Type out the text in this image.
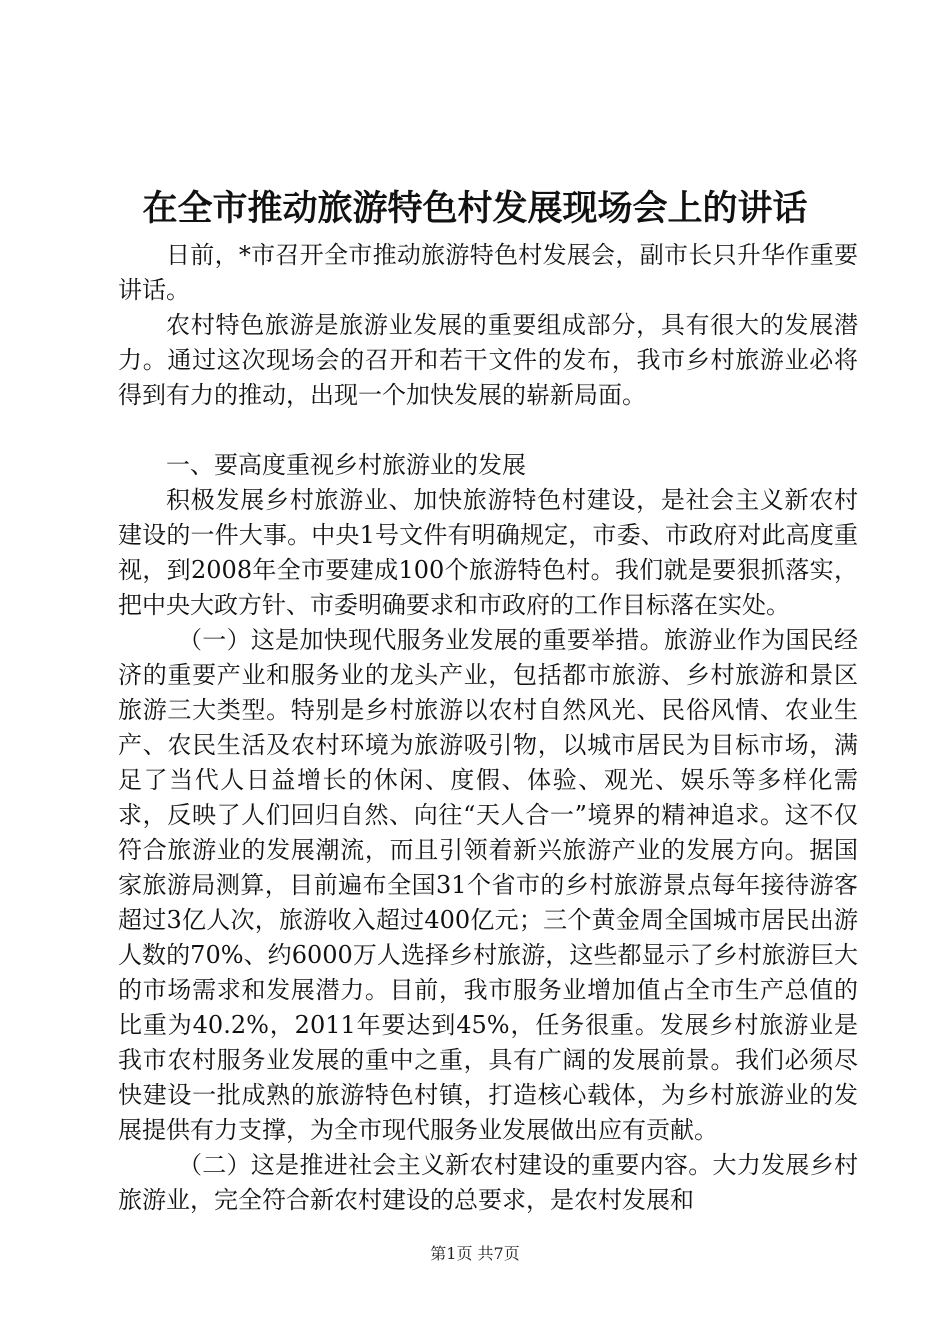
在全市推动旅游特色村发展现场会上的讲话

日前，*市召开全市推动旅游特色村发展会，副市长只升华作重要讲话。

农村特色旅游是旅游业发展的重要组成部分，具有很大的发展潜力。通过这次现场会的召开和若干文件的发布，我市乡村旅游业必将得到有力的推动，出现一个加快发展的崭新局面。

一、要高度重视乡村旅游业的发展

积极发展乡村旅游业、加快旅游特色村建设，是社会主义新农村建设的一件大事。中央1号文件有明确规定，市委、市政府对此高度重视，到2008年全市要建成100个旅游特色村。我们就是要狠抓落实，把中央大政方针、市委明确要求和市政府的工作目标落在实处。

（一）这是加快现代服务业发展的重要举措。旅游业作为国民经济的重要产业和服务业的龙头产业，包括都市旅游、乡村旅游和景区旅游三大类型。特别是乡村旅游以农村自然风光、民俗风情、农业生产、农民生活及农村环境为旅游吸引物，以城市居民为目标市场，满足了当代人日益增长的休闲、度假、体验、观光、娱乐等多样化需求，反映了人们回归自然、向往“天人合一”境界的精神追求。这不仅符合旅游业的发展潮流，而且引领着新兴旅游产业的发展方向。据国家旅游局测算，目前遍布全国31个省市的乡村旅游景点每年接待游客超过3亿人次，旅游收入超过400亿元；三个黄金周全国城市居民出游人数的70%、约6000万人选择乡村旅游，这些都显示了乡村旅游巨大的市场需求和发展潜力。目前，我市服务业增加值占全市生产总值的比重为40.2%，2011年要达到45%，任务很重。发展乡村旅游业是我市农村服务业发展的重中之重，具有广阔的发展前景。我们必须尽快建设一批成熟的旅游特色村镇，打造核心载体，为乡村旅游业的发展提供有力支撑，为全市现代服务业发展做出应有贡献。

（二）这是推进社会主义新农村建设的重要内容。大力发展乡村旅游业，完全符合新农村建设的总要求，是农村发展和

第1页 共7页
